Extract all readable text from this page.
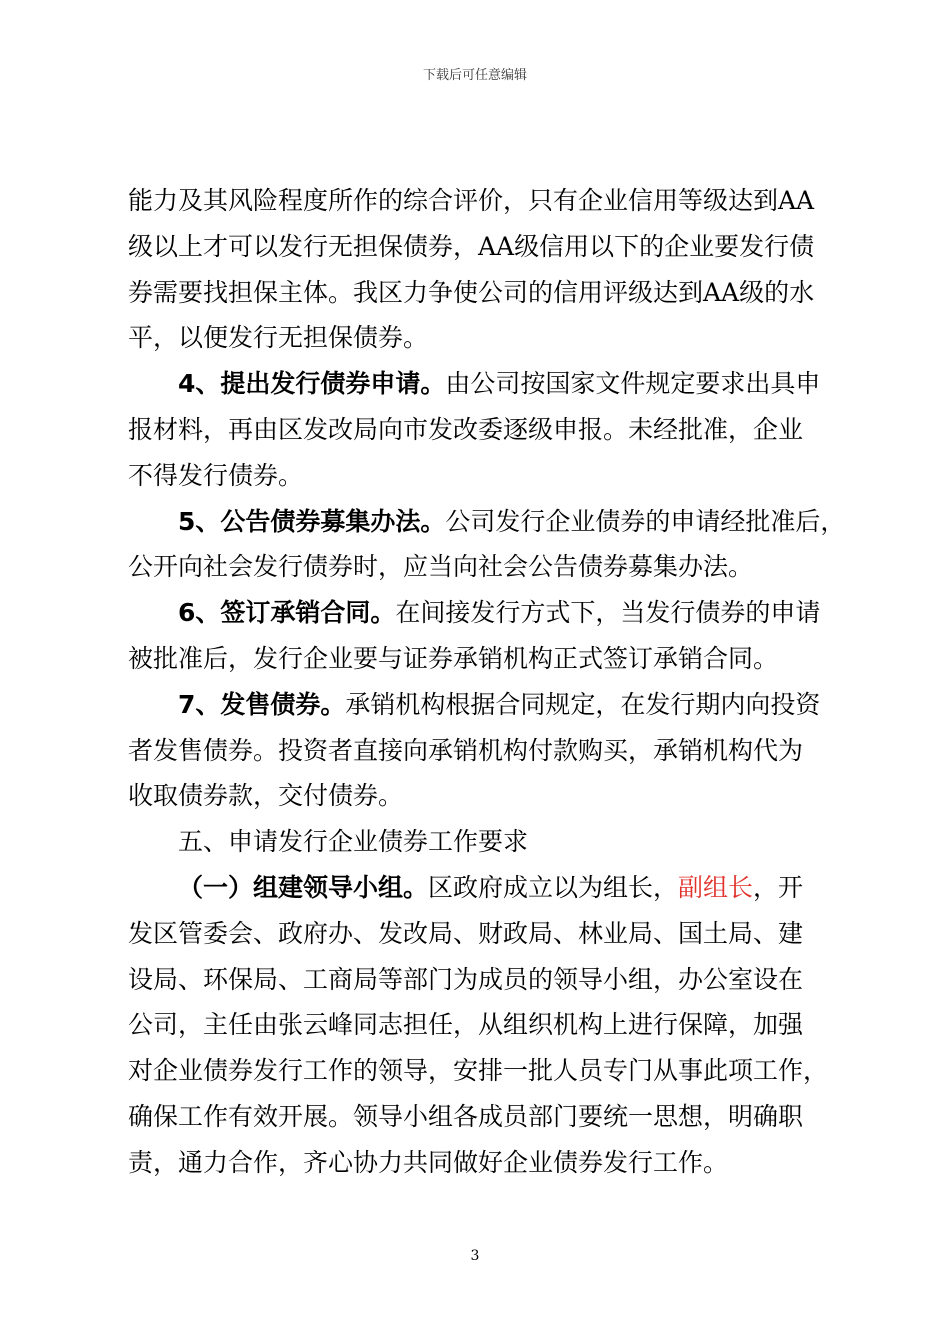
下载后可任意编辑
能力及其风险程度所作的综合评价，只有企业信用等级达到AA
级以上才可以发行无担保债券，AA级信用以下的企业要发行债
券需要找担保主体。我区力争使公司的信用评级达到AA级的水
平，以便发行无担保债券。
4、提出发行债券申请。由公司按国家文件规定要求出具申
报材料，再由区发改局向市发改委逐级申报。未经批准，企业
不得发行债券。
5、公告债券募集办法。公司发行企业债券的申请经批准后，
公开向社会发行债券时，应当向社会公告债券募集办法。
6、签订承销合同。在间接发行方式下，当发行债券的申请
被批准后，发行企业要与证券承销机构正式签订承销合同。
7、发售债券。承销机构根据合同规定，在发行期内向投资
者发售债券。投资者直接向承销机构付款购买，承销机构代为
收取债券款，交付债券。
五、申请发行企业债券工作要求
（一）组建领导小组。区政府成立以为组长，副组长，开
发区管委会、政府办、发改局、财政局、林业局、国土局、建
设局、环保局、工商局等部门为成员的领导小组，办公室设在
公司，主任由张云峰同志担任，从组织机构上进行保障，加强
对企业债券发行工作的领导，安排一批人员专门从事此项工作，
确保工作有效开展。领导小组各成员部门要统一思想，明确职
责，通力合作，齐心协力共同做好企业债券发行工作。
3
